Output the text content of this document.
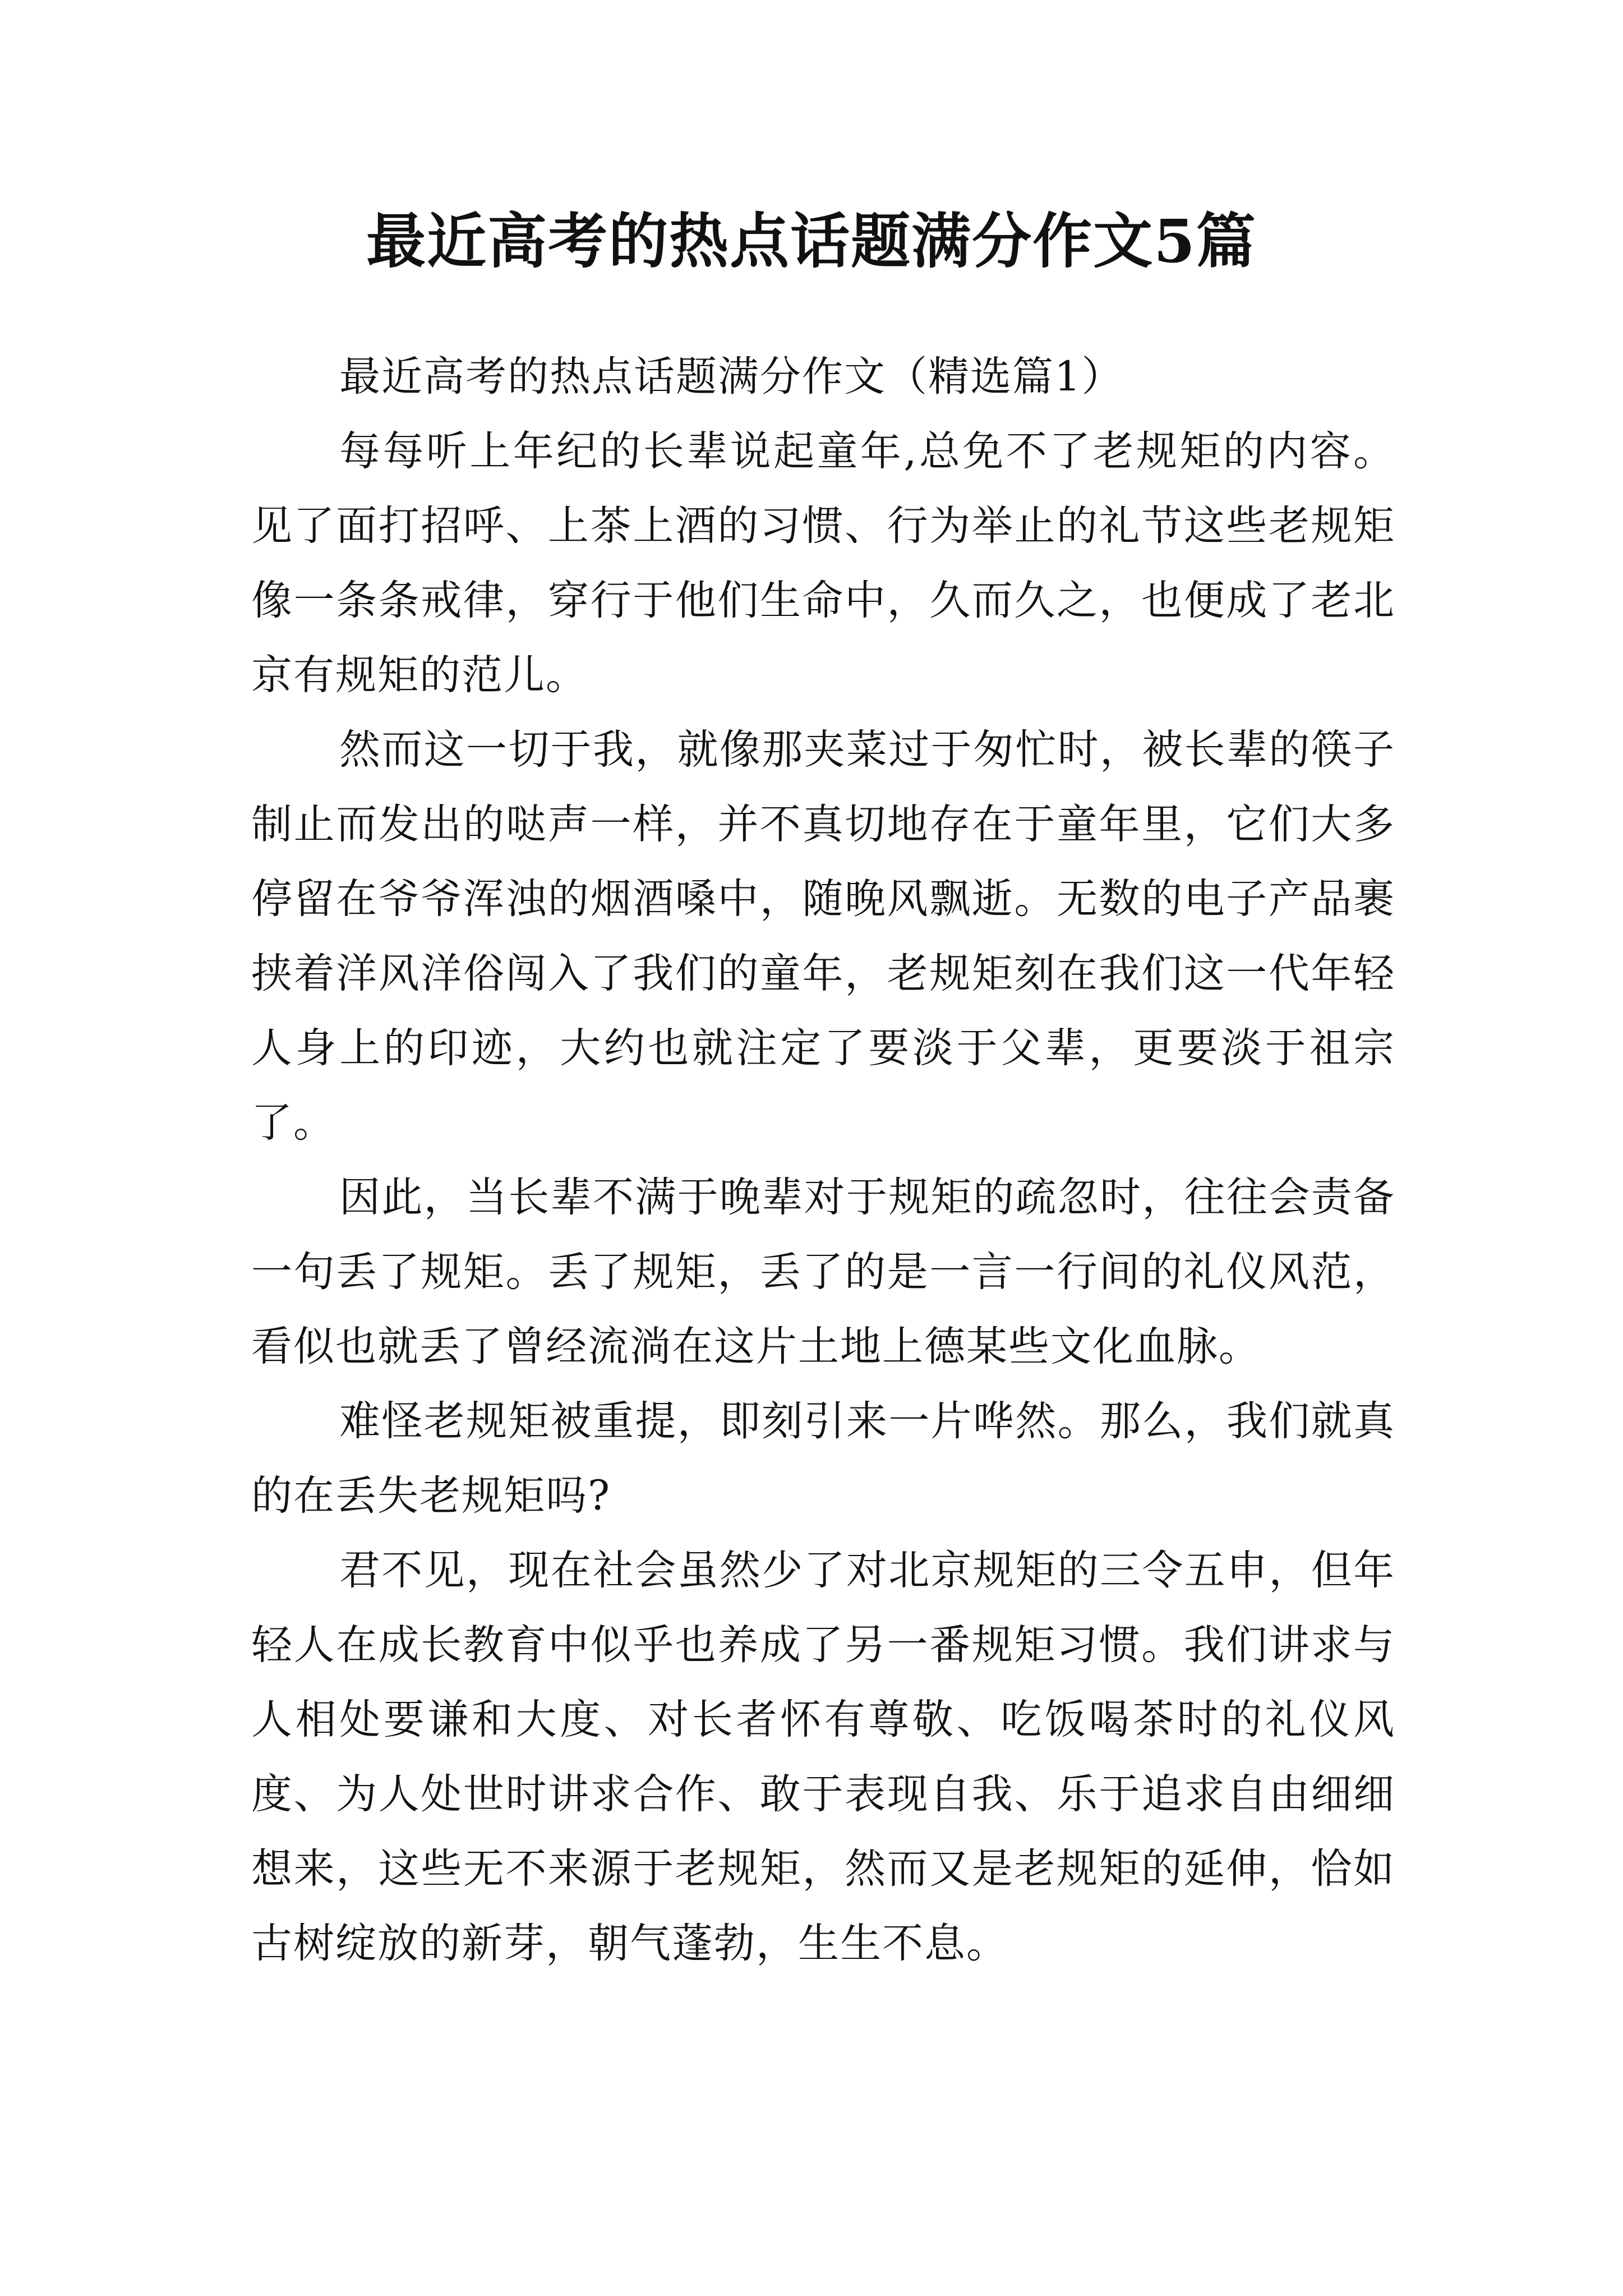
最近高考的热点话题满分作文5篇

最近高考的热点话题满分作文（精选篇1）

每每听上年纪的长辈说起童年,总免不了老规矩的内容。见了面打招呼、上茶上酒的习惯、行为举止的礼节这些老规矩像一条条戒律，穿行于他们生命中，久而久之，也便成了老北京有规矩的范儿。

然而这一切于我，就像那夹菜过于匆忙时，被长辈的筷子制止而发出的哒声一样，并不真切地存在于童年里，它们大多停留在爷爷浑浊的烟酒嗓中，随晚风飘逝。无数的电子产品裹挟着洋风洋俗闯入了我们的童年，老规矩刻在我们这一代年轻人身上的印迹，大约也就注定了要淡于父辈，更要淡于祖宗了。

因此，当长辈不满于晚辈对于规矩的疏忽时，往往会责备一句丢了规矩。丢了规矩，丢了的是一言一行间的礼仪风范，看似也就丢了曾经流淌在这片土地上德某些文化血脉。

难怪老规矩被重提，即刻引来一片哗然。那么，我们就真的在丢失老规矩吗?

君不见，现在社会虽然少了对北京规矩的三令五申，但年轻人在成长教育中似乎也养成了另一番规矩习惯。我们讲求与人相处要谦和大度、对长者怀有尊敬、吃饭喝茶时的礼仪风度、为人处世时讲求合作、敢于表现自我、乐于追求自由细细想来，这些无不来源于老规矩，然而又是老规矩的延伸，恰如古树绽放的新芽，朝气蓬勃，生生不息。
